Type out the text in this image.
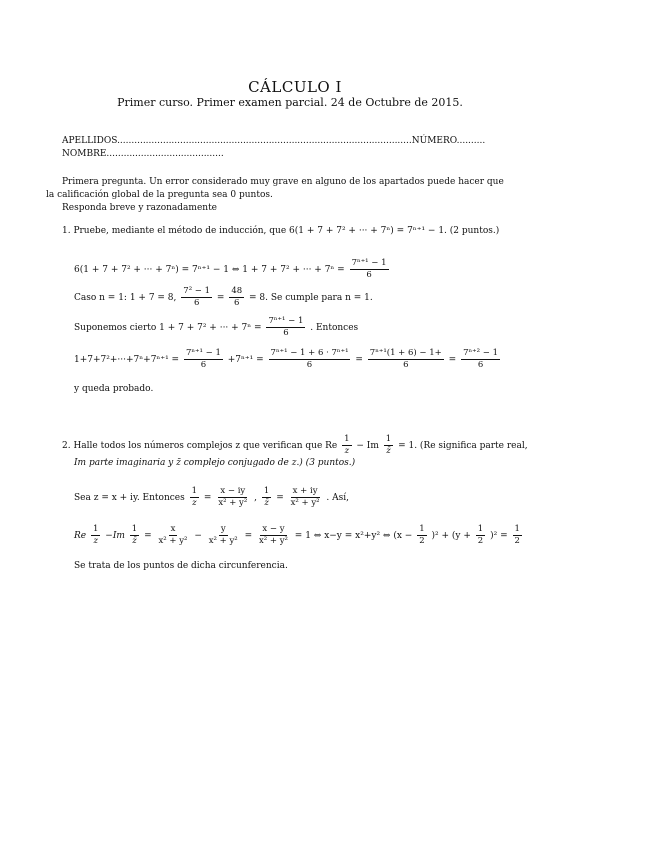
CÁLCULO I
Primer curso. Primer examen parcial. 24 de Octubre de 2015.
APELLIDOS.......................................................................................................NÚMERO..........
NOMBRE.........................................
Primera pregunta. Un error considerado muy grave en alguno de los apartados puede hacer que
la calificación global de la pregunta sea 0 puntos.
Responda breve y razonadamente
1. Pruebe, mediante el método de inducción, que 6(1 + 7 + 7² + ··· + 7ⁿ) = 7ⁿ⁺¹ − 1. (2 puntos.)
6(1 + 7 + 7² + ··· + 7ⁿ) = 7ⁿ⁺¹ − 1 ⇔ 1 + 7 + 7² + ··· + $7^n = \frac{\text{7ⁿ⁺¹ − 1}}{6}$
Caso n = 1: 1 + 7 = 8, $\frac{\text{7² − 1}}{6} = \frac{48}{6} = 8$. Se cumple para n = 1.
Suponemos cierto 1 + 7 + 7² + ··· + $7^n = \frac{\text{7ⁿ⁺¹ − 1}}{6}$ . Entonces
$1+7+7^2+\cdot\cdot\cdot+7^n+7^{n+1} = \frac{\text{7ⁿ⁺¹ − 1}}{6} +7^{n+1} = \frac{\text{7ⁿ⁺¹ − 1 + 6 · 7ⁿ⁺¹}}{6} = \frac{\text{7ⁿ⁺¹(1 + 6) − 1+}}{6} = \frac{\text{7ⁿ⁺² − 1}}{6}$
y queda probado.
2. Halle todos los números complejos z que verifican que Re $\frac{1}{z} - Im \frac{1}{z̄} = 1$. (Re significa parte real,
Im parte imaginaria y z̄ complejo conjugado de z.) (3 puntos.)
Sea z = x + iy. Entonces $\frac{1}{z} = \frac{x - iy}{\text{x² + y²}}$ , $\frac{1}{z̄} = \frac{x + iy}{\text{x² + y²}}$ . Así,
Re $\frac{1}{z} -Im \frac{1}{z̄} = \frac{x}{\text{x² + y²}} - \frac{y}{\text{x² + y²}} = \frac{x - y}{\text{x² + y²}} = 1$ ⇔ x−y = x²+y² ⇔ $(x - \frac{1}{2} )^2 + (y + \frac{1}{2} )^2 = \frac{1}{2}$
Se trata de los puntos de dicha circunferencia.
